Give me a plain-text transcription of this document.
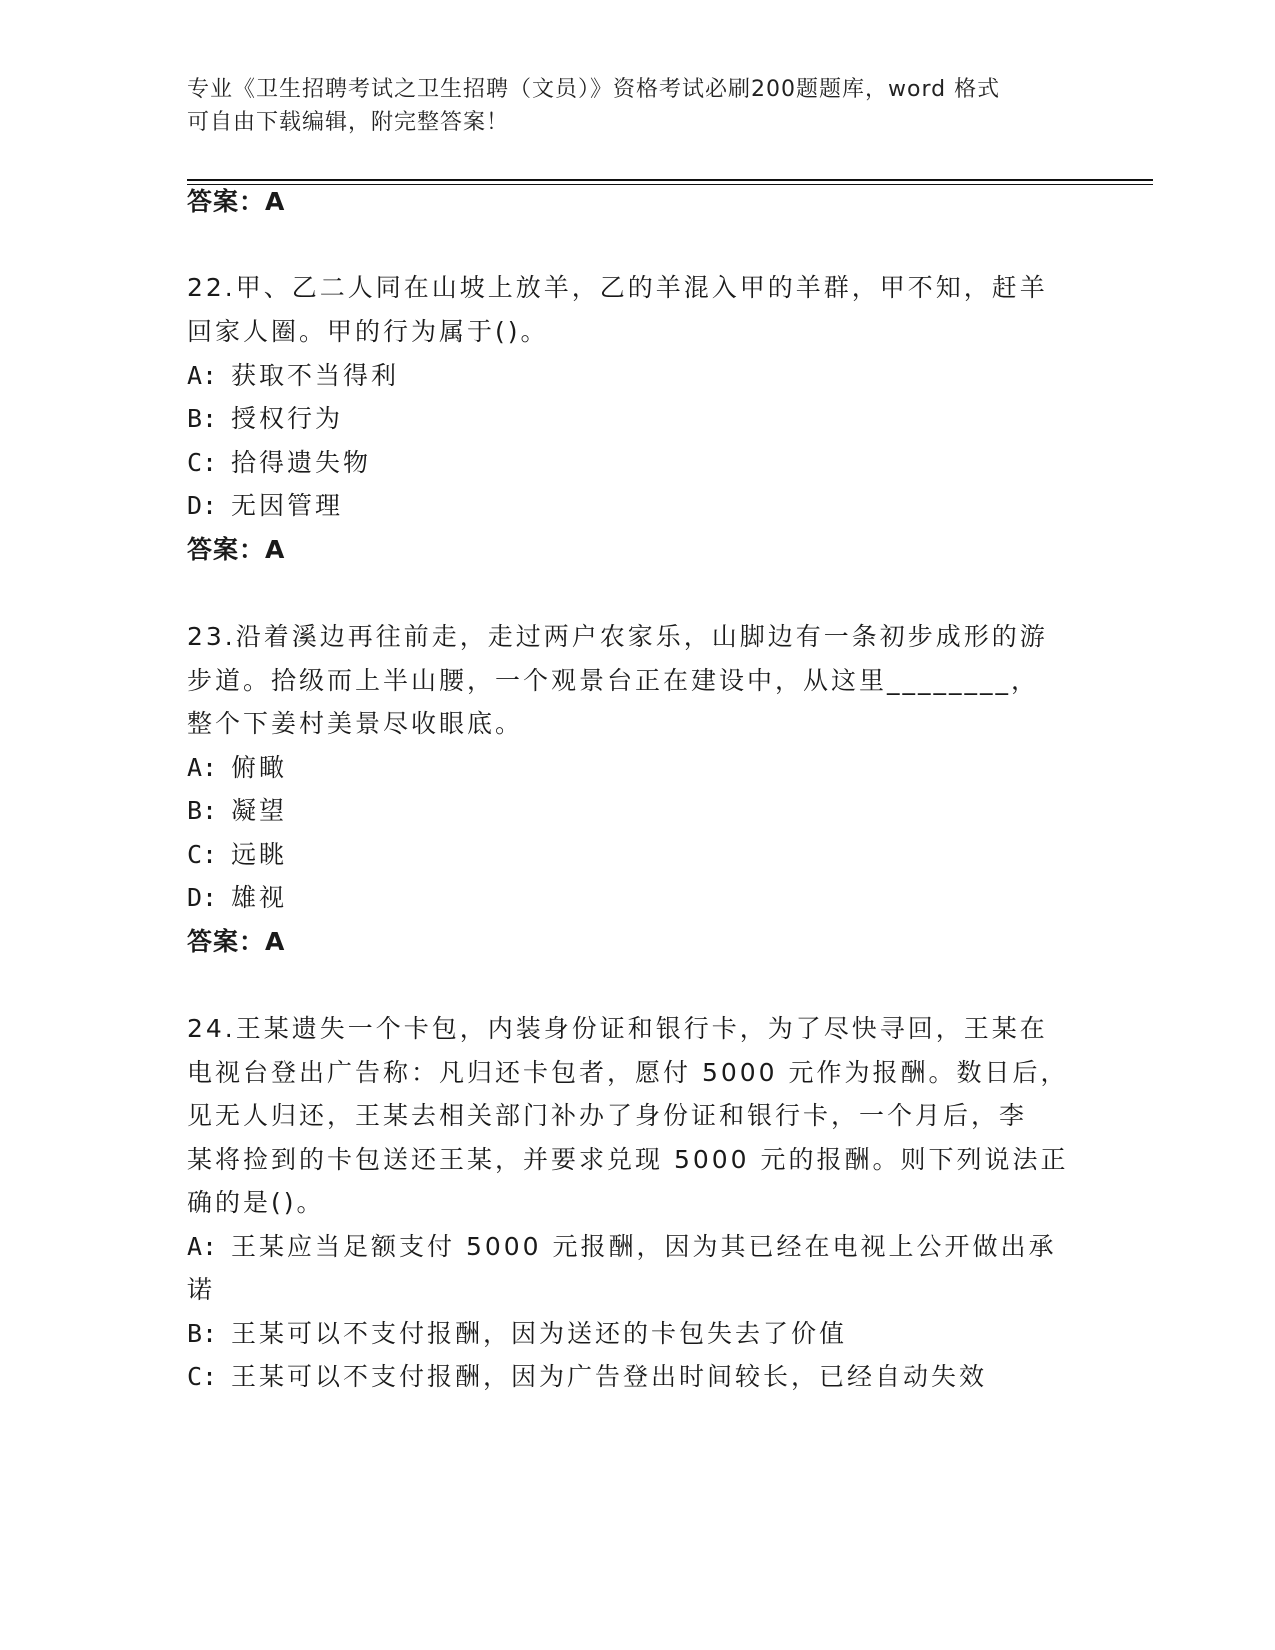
专业《卫生招聘考试之卫生招聘（文员）》资格考试必刷200题题库，word 格式
可自由下载编辑，附完整答案！
答案：A
22.甲、乙二人同在山坡上放羊，乙的羊混入甲的羊群，甲不知，赶羊
回家人圈。甲的行为属于()。
A: 获取不当得利
B: 授权行为
C: 拾得遗失物
D: 无因管理
答案：A
23.沿着溪边再往前走，走过两户农家乐，山脚边有一条初步成形的游
步道。拾级而上半山腰，一个观景台正在建设中，从这里________，
整个下姜村美景尽收眼底。
A: 俯瞰
B: 凝望
C: 远眺
D: 雄视
答案：A
24.王某遗失一个卡包，内装身份证和银行卡，为了尽快寻回，王某在
电视台登出广告称：凡归还卡包者，愿付 5000 元作为报酬。数日后，
见无人归还，王某去相关部门补办了身份证和银行卡，一个月后，李
某将捡到的卡包送还王某，并要求兑现 5000 元的报酬。则下列说法正
确的是()。
A: 王某应当足额支付 5000 元报酬，因为其已经在电视上公开做出承
诺
B: 王某可以不支付报酬，因为送还的卡包失去了价值
C: 王某可以不支付报酬，因为广告登出时间较长，已经自动失效
